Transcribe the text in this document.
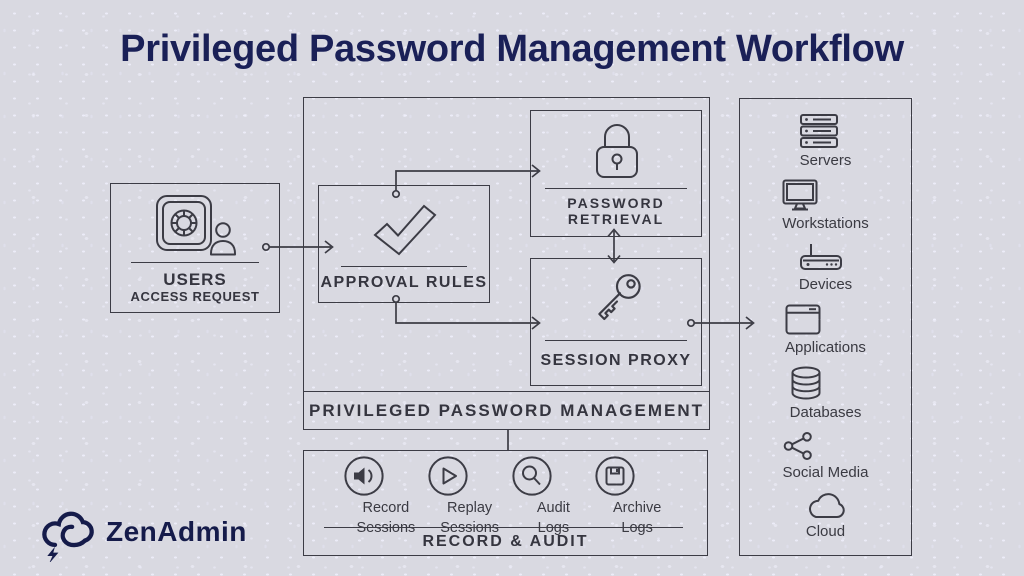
Privileged Password Management Workflow
USERS
ACCESS REQUEST
PRIVILEGED PASSWORD MANAGEMENT
APPROVAL RULES
PASSWORD
RETRIEVAL
SESSION PROXY
Record
Sessions
Replay
Sessions
Audit
Logs
Archive
Logs
RECORD & AUDIT
Servers
Workstations
Devices
Applications
Databases
Social Media
Cloud
ZenAdmin
